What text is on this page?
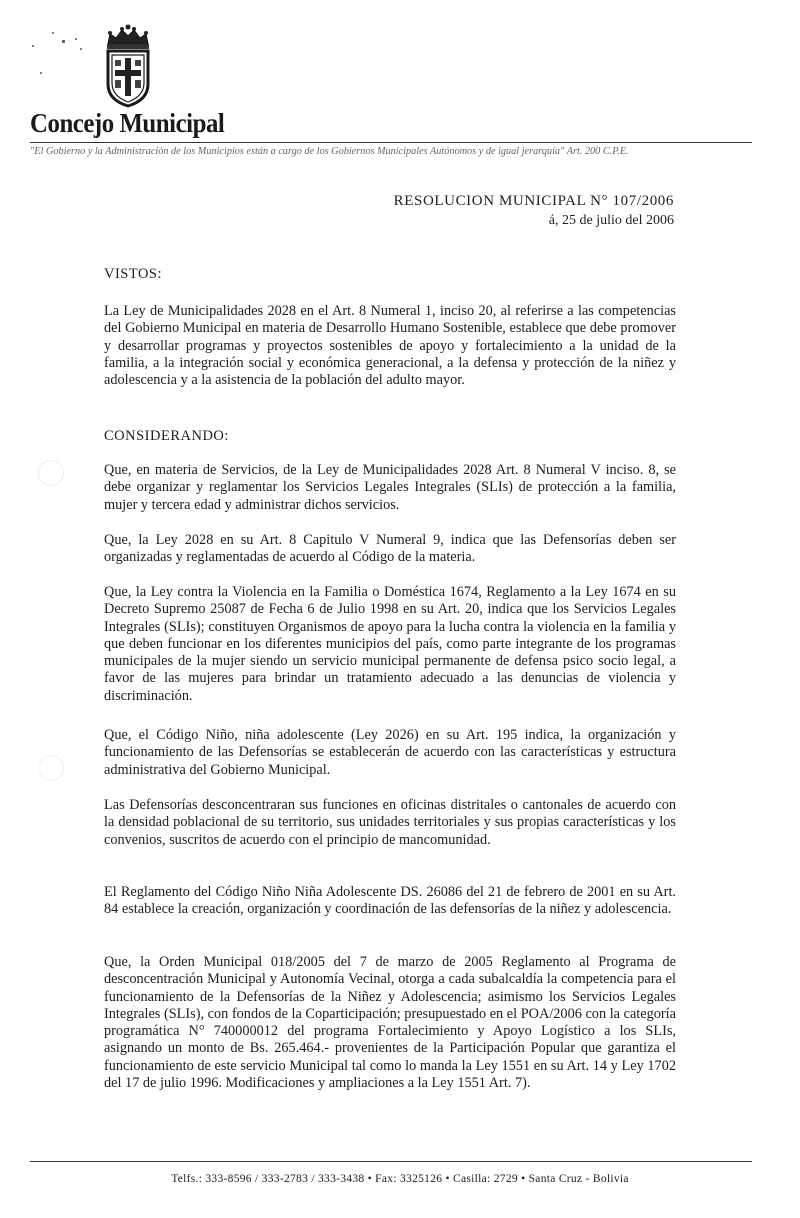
Concejo Municipal
"El Gobierno y la Administración de los Municipios están a cargo de los Gobiernos Municipales Autónomos y de igual jerarquía" Art. 200 C.P.E.
RESOLUCION MUNICIPAL N° 107/2006
á, 25 de julio del 2006
VISTOS:

La Ley de Municipalidades 2028 en el Art. 8 Numeral 1, inciso 20, al referirse a las competencias del Gobierno Municipal en materia de Desarrollo Humano Sostenible, establece que debe promover y desarrollar programas y proyectos sostenibles de apoyo y fortalecimiento a la unidad de la familia, a la integración social y económica generacional, a la defensa y protección de la niñez y adolescencia y a la asistencia de la población del adulto mayor.

CONSIDERANDO:

Que, en materia de Servicios, de la Ley de Municipalidades 2028 Art. 8 Numeral V inciso. 8, se debe organizar y reglamentar los Servicios Legales Integrales (SLIs) de protección a la familia, mujer y tercera edad y administrar dichos servicios.

Que, la Ley 2028 en su Art. 8 Capitulo V Numeral 9, indica que las Defensorías deben ser organizadas y reglamentadas de acuerdo al Código de la materia.

Que, la Ley contra la Violencia en la Familia o Doméstica 1674, Reglamento a la Ley 1674 en su Decreto Supremo 25087 de Fecha 6 de Julio 1998 en su Art. 20, indica que los Servicios Legales Integrales (SLIs); constituyen Organismos de apoyo para la lucha contra la violencia en la familia y que deben funcionar en los diferentes municipios del país, como parte integrante de los programas municipales de la mujer siendo un servicio municipal permanente de defensa psico socio legal, a favor de las mujeres para brindar un tratamiento adecuado a las denuncias de violencia y discriminación.

Que, el Código Niño, niña adolescente (Ley 2026) en su Art. 195 indica, la organización y funcionamiento de las Defensorías se establecerán de acuerdo con las características y estructura administrativa del Gobierno Municipal.

Las Defensorías desconcentraran sus funciones en oficinas distritales o cantonales de acuerdo con la densidad poblacional de su territorio, sus unidades territoriales y sus propias características y los convenios, suscritos de acuerdo con el principio de mancomunidad.

El Reglamento del Código Niño Niña Adolescente DS. 26086 del 21 de febrero de 2001 en su Art. 84 establece la creación, organización y coordinación de las defensorías de la niñez y adolescencia.

Que, la Orden Municipal 018/2005 del 7 de marzo de 2005 Reglamento al Programa de desconcentración Municipal y Autonomía Vecinal, otorga a cada subalcaldía la competencia para el funcionamiento de la Defensorías de la Niñez y Adolescencia; asimismo los Servicios Legales Integrales (SLIs), con fondos de la Coparticipación; presupuestado en el POA/2006 con la categoría programática N° 740000012 del programa Fortalecimiento y Apoyo Logístico a los SLIs, asignando un monto de Bs. 265.464.- provenientes de la Participación Popular que garantiza el funcionamiento de este servicio Municipal tal como lo manda la Ley 1551 en su Art. 14 y Ley 1702 del 17 de julio 1996. Modificaciones y ampliaciones a la Ley 1551 Art. 7).

Telfs.: 333-8596 / 333-2783 / 333-3438 • Fax: 3325126 • Casilla: 2729 • Santa Cruz - Bolivia
